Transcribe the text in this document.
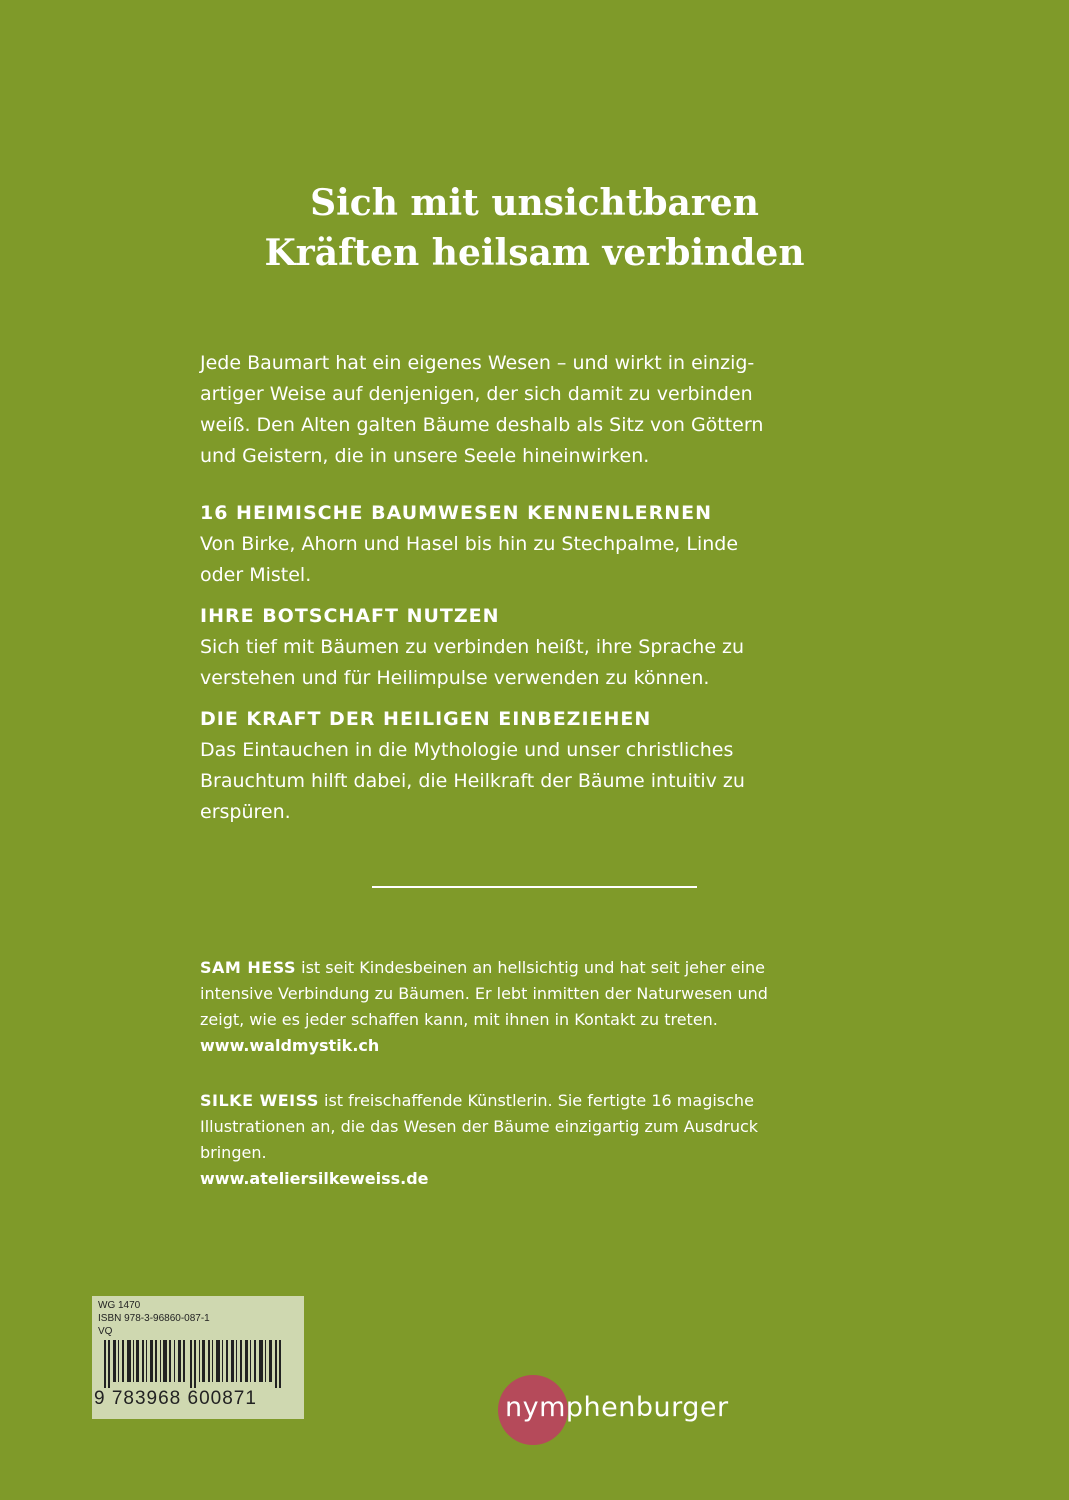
Sich mit unsichtbaren
Kräften heilsam verbinden

Jede Baumart hat ein eigenes Wesen – und wirkt in einzig-
artiger Weise auf denjenigen, der sich damit zu verbinden
weiß. Den Alten galten Bäume deshalb als Sitz von Göttern
und Geistern, die in unsere Seele hineinwirken.

16 HEIMISCHE BAUMWESEN KENNENLERNEN

Von Birke, Ahorn und Hasel bis hin zu Stechpalme, Linde
oder Mistel.

IHRE BOTSCHAFT NUTZEN

Sich tief mit Bäumen zu verbinden heißt, ihre Sprache zu
verstehen und für Heilimpulse verwenden zu können.

DIE KRAFT DER HEILIGEN EINBEZIEHEN

Das Eintauchen in die Mythologie und unser christliches
Brauchtum hilft dabei, die Heilkraft der Bäume intuitiv zu
erspüren.

SAM HESS ist seit Kindesbeinen an hellsichtig und hat seit jeher eine
intensive Verbindung zu Bäumen. Er lebt inmitten der Naturwesen und
zeigt, wie es jeder schaffen kann, mit ihnen in Kontakt zu treten.

www.waldmystik.ch

SILKE WEISS ist freischaffende Künstlerin. Sie fertigte 16 magische
Illustrationen an, die das Wesen der Bäume einzigartig zum Ausdruck
bringen.

www.ateliersilkeweiss.de
WG 1470
ISBN 978-3-96860-087-1
VQ
9 783968 600871	nymphenburger
